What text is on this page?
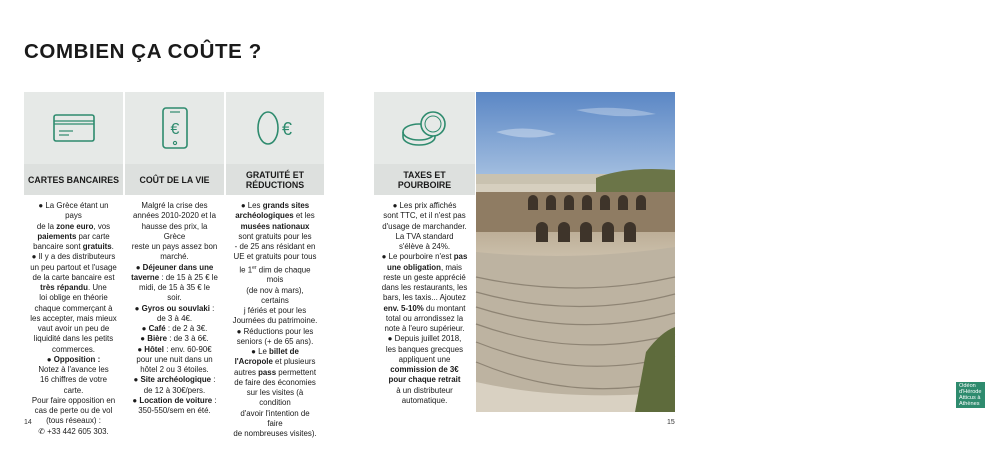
COMBIEN ÇA COÛTE ?
CARTES BANCAIRES

● La Grèce étant un pays

de la zone euro, vos

paiements par carte

bancaire sont gratuits.

● Il y a des distributeurs

un peu partout et l'usage

de la carte bancaire est

très répandu. Une

loi oblige en théorie

chaque commerçant à

les accepter, mais mieux

vaut avoir un peu de

liquidité dans les petits

commerces.

● Opposition :

Notez à l'avance les

16 chiffres de votre carte.

Pour faire opposition en

cas de perte ou de vol

(tous réseaux) :

✆ +33 442 605 303.

€
COÛT DE LA VIE

Malgré la crise des

années 2010-2020 et la

hausse des prix, la Grèce

reste un pays assez bon

marché.

● Déjeuner dans une

taverne : de 15 à 25 € le

midi, de 15 à 35 € le soir.

● Gyros ou souvlaki :

de 3 à 4€.

● Café : de 2 à 3€.

● Bière : de 3 à 6€.

● Hôtel : env. 60-90€

pour une nuit dans un

hôtel 2 ou 3 étoiles.

● Site archéologique :

de 12 à 30€/pers.

● Location de voiture :

350-550/sem en été.

€
GRATUITÉ ET
RÉDUCTIONS

● Les grands sites

archéologiques et les

musées nationaux

sont gratuits pour les

- de 25 ans résidant en

UE et gratuits pour tous

le 1er dim de chaque mois

(de nov à mars), certains

j fériés et pour les

Journées du patrimoine.

● Réductions pour les

seniors (+ de 65 ans).

● Le billet de

l'Acropole et plusieurs

autres pass permettent

de faire des économies

sur les visites (à condition

d'avoir l'intention de faire

de nombreuses visites).

TAXES ET
POURBOIRE

● Les prix affichés

sont TTC, et il n'est pas

d'usage de marchander.

La TVA standard

s'élève à 24%.

● Le pourboire n'est pas

une obligation, mais

reste un geste apprécié

dans les restaurants, les

bars, les taxis... Ajoutez

env. 5-10% du montant

total ou arrondissez la

note à l'euro supérieur.

● Depuis juillet 2018,

les banques grecques

appliquent une

commission de 3€

pour chaque retrait

à un distributeur

automatique.

Odéon d'Hérode Atticus à Athènes
14	15
